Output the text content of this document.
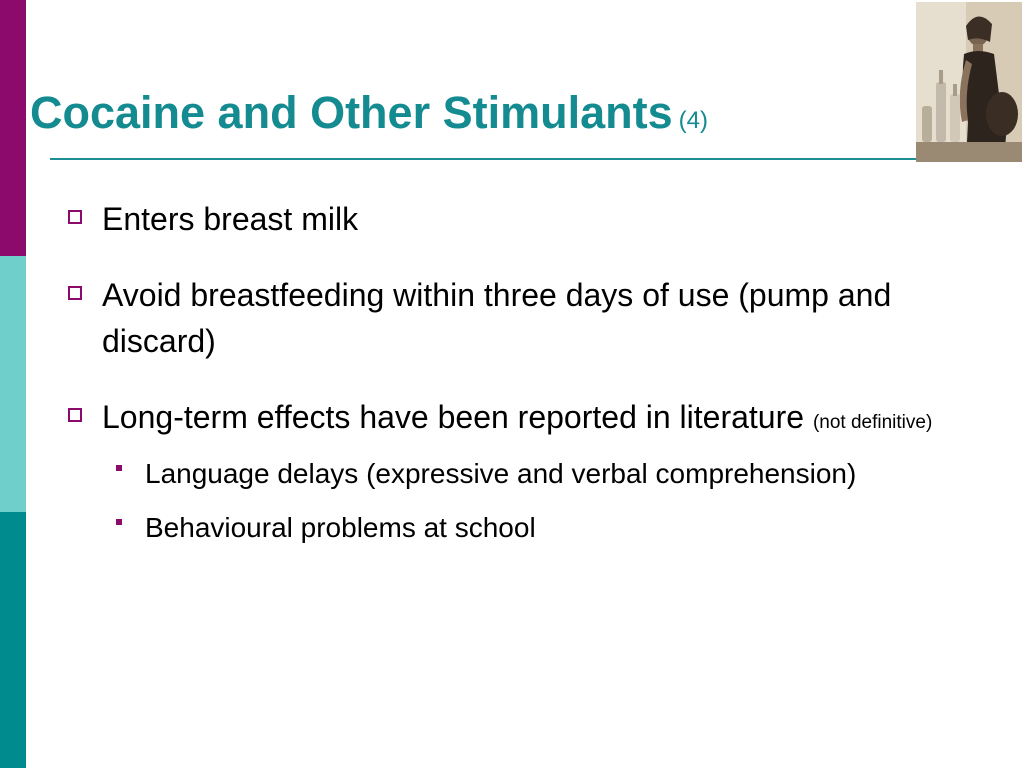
Cocaine and Other Stimulants (4)
Enters breast milk
Avoid breastfeeding within three days of use (pump and discard)
Long-term effects have been reported in literature (not definitive)
Language delays (expressive and verbal comprehension)
Behavioural problems at school
